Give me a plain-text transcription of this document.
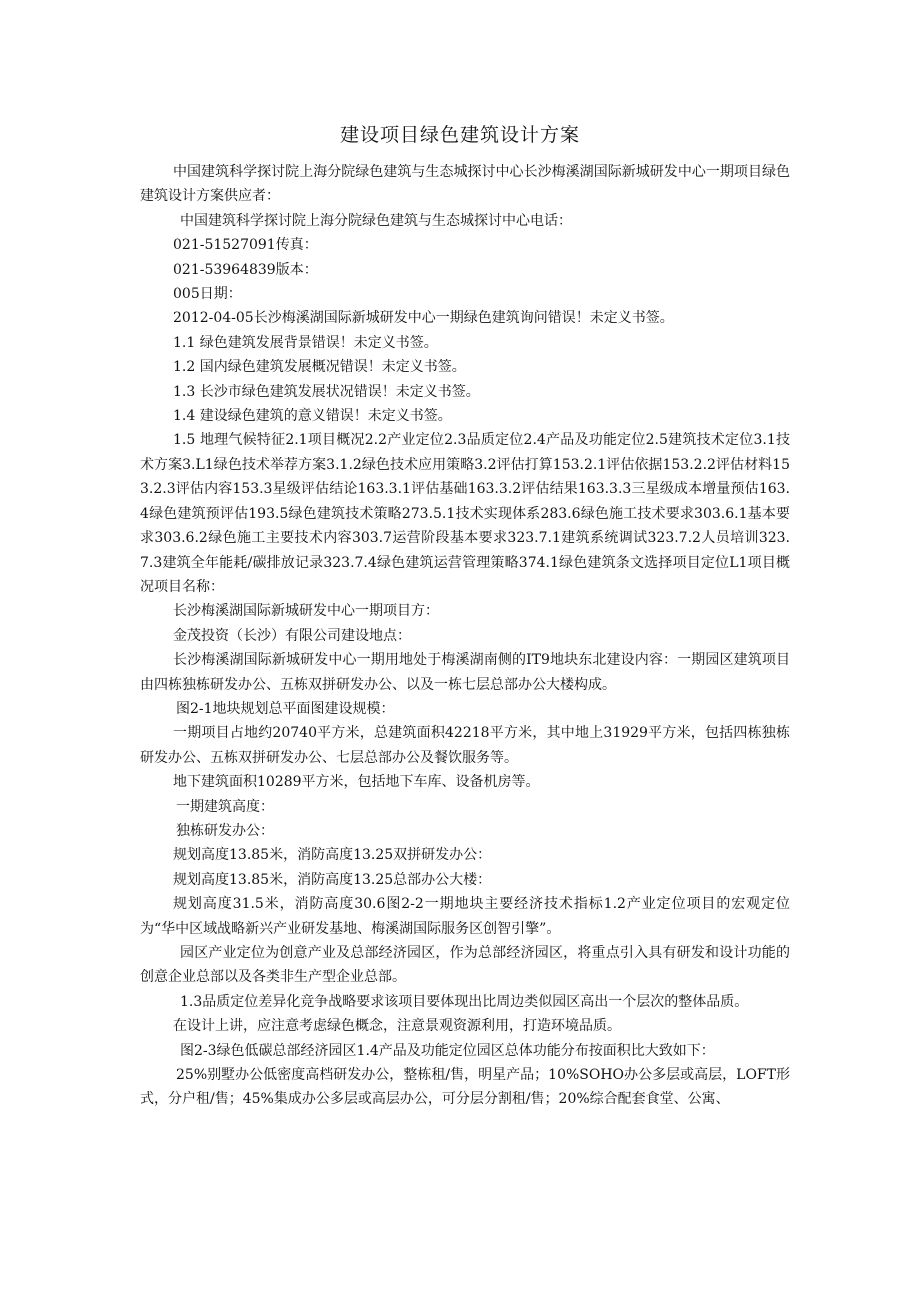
建设项目绿色建筑设计方案

中国建筑科学探讨院上海分院绿色建筑与生态城探讨中心长沙梅溪湖国际新城研发中心一期项目绿色建筑设计方案供应者：

中国建筑科学探讨院上海分院绿色建筑与生态城探讨中心电话：

021-51527091传真：

021-53964839版本：

005日期：

2012-04-05长沙梅溪湖国际新城研发中心一期绿色建筑询问错误！未定义书签。

1.1 绿色建筑发展背景错误！未定义书签。

1.2 国内绿色建筑发展概况错误！未定义书签。

1.3 长沙市绿色建筑发展状况错误！未定义书签。

1.4 建设绿色建筑的意义错误！未定义书签。

1.5 地理气候特征2.1项目概况2.2产业定位2.3品质定位2.4产品及功能定位2.5建筑技术定位3.1技术方案3.L1绿色技术举荐方案3.1.2绿色技术应用策略3.2评估打算153.2.1评估依据153.2.2评估材料153.2.3评估内容153.3星级评估结论163.3.1评估基础163.3.2评估结果163.3.3三星级成本增量预估163.4绿色建筑预评估193.5绿色建筑技术策略273.5.1技术实现体系283.6绿色施工技术要求303.6.1基本要求303.6.2绿色施工主要技术内容303.7运营阶段基本要求323.7.1建筑系统调试323.7.2人员培训323.7.3建筑全年能耗/碳排放记录323.7.4绿色建筑运营管理策略374.1绿色建筑条文选择项目定位L1项目概况项目名称：

长沙梅溪湖国际新城研发中心一期项目方：

金茂投资（长沙）有限公司建设地点：

长沙梅溪湖国际新城研发中心一期用地处于梅溪湖南侧的IT9地块东北建设内容：一期园区建筑项目由四栋独栋研发办公、五栋双拼研发办公、以及一栋七层总部办公大楼构成。

图2-1地块规划总平面图建设规模：

一期项目占地约20740平方米，总建筑面积42218平方米，其中地上31929平方米，包括四栋独栋研发办公、五栋双拼研发办公、七层总部办公及餐饮服务等。

地下建筑面积10289平方米，包括地下车库、设备机房等。

一期建筑高度：

独栋研发办公：

规划高度13.85米，消防高度13.25双拼研发办公：

规划高度13.85米，消防高度13.25总部办公大楼：

规划高度31.5米，消防高度30.6图2-2一期地块主要经济技术指标1.2产业定位项目的宏观定位为“华中区域战略新兴产业研发基地、梅溪湖国际服务区创智引擎”。

园区产业定位为创意产业及总部经济园区，作为总部经济园区，将重点引入具有研发和设计功能的创意企业总部以及各类非生产型企业总部。

1.3品质定位差异化竞争战略要求该项目要体现出比周边类似园区高出一个层次的整体品质。

在设计上讲，应注意考虑绿色概念，注意景观资源利用，打造环境品质。

图2-3绿色低碳总部经济园区1.4产品及功能定位园区总体功能分布按面积比大致如下：

25%别墅办公低密度高档研发办公，整栋租/售，明星产品；10%SOHO办公多层或高层，LOFT形式，分户租/售；45%集成办公多层或高层办公，可分层分割租/售；20%综合配套食堂、公寓、
